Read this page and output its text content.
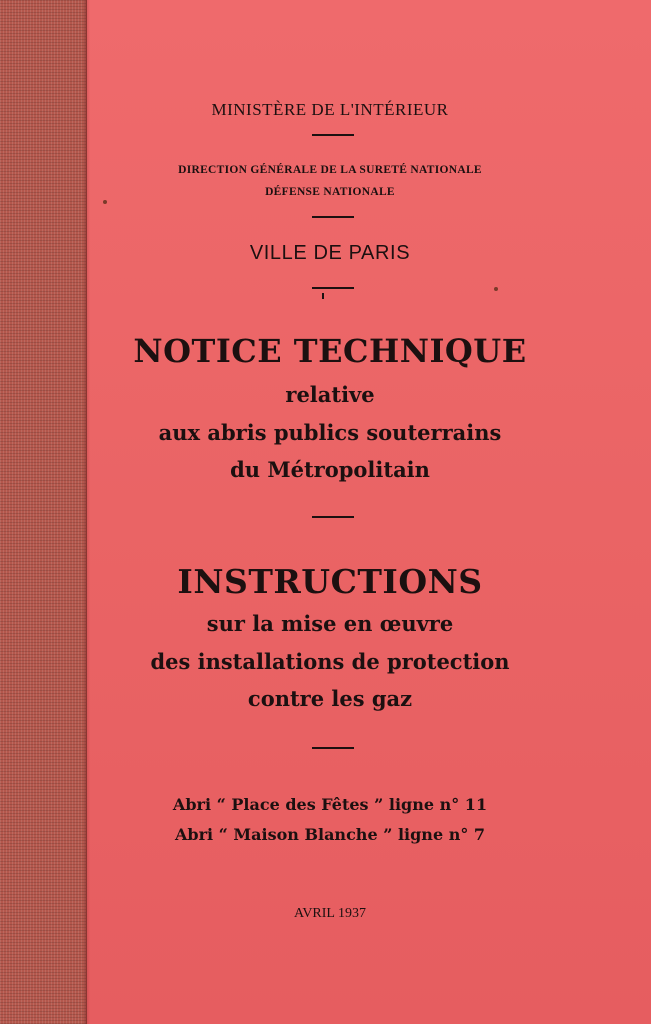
MINISTÈRE DE L'INTÉRIEUR

DIRECTION GÉNÉRALE DE LA SURETÉ NATIONALE

DÉFENSE NATIONALE

VILLE DE PARIS

NOTICE TECHNIQUE

relative

aux abris publics souterrains

du Métropolitain

INSTRUCTIONS

sur la mise en œuvre

des installations de protection

contre les gaz

Abri “ Place des Fêtes ” ligne n° 11

Abri “ Maison Blanche ” ligne n° 7

AVRIL 1937
